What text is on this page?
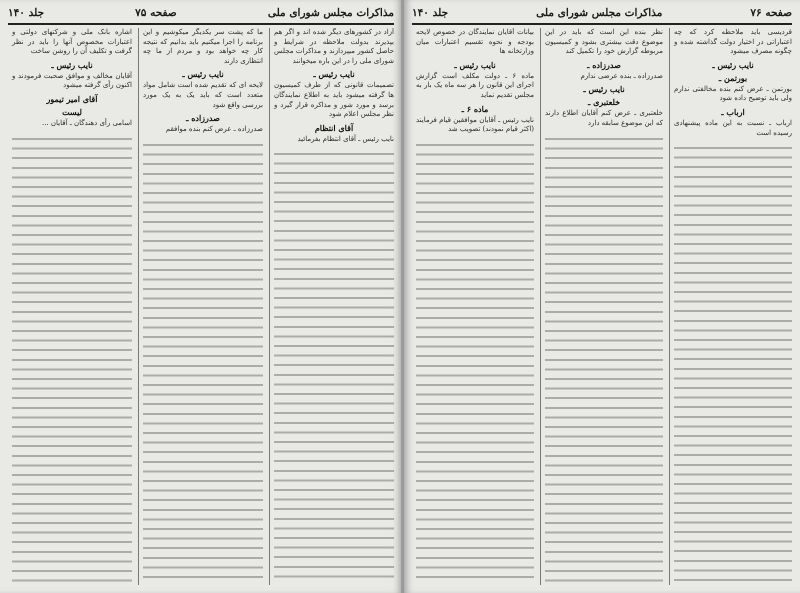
مذاکرات مجلس شورای ملی
صفحه ۷۵
جلد ۱۴۰

آزاد در کشورهای دیگر شده اند و اگر هم بپذیرند بدولت ملاحظه در شرایط و حاصل کشور میپردازند و مذاکرات مجلس شورای ملی را در این باره میخوانند

نایب رئیس ـ

تصمیمات قانونی که از طرف کمیسیون ها گرفته میشود باید به اطلاع نمایندگان برسد و مورد شور و مذاکره قرار گیرد و نظر مجلس اعلام شود

آقای انتظام

نایب رئیس ـ آقای انتظام بفرمائید

ما که پشت سر یکدیگر میکوشیم و این برنامه را اجرا میکنیم باید بدانیم که نتیجه کار چه خواهد بود و مردم از ما چه انتظاری دارند

نایب رئیس ـ

لایحه ای که تقدیم شده است شامل مواد متعدد است که باید یک به یک مورد بررسی واقع شود

صدرزاده ـ

صدرزاده ـ عرض کنم بنده موافقم

اشاره بانک ملی و شرکتهای دولتی و اعتبارات مخصوص آنها را باید در نظر گرفت و تکلیف آن را روشن ساخت

نایب رئیس ـ

آقایان مخالف و موافق صحبت فرمودند و اکنون رأی گرفته میشود

آقای امیر تیمور
لیست

اسامی رأی دهندگان ـ آقایان ...

صفحه ۷۶
مذاکرات مجلس شورای ملی
جلد ۱۴۰

قردیسی باید ملاحظه کرد که چه اعتباراتی در اختیار دولت گذاشته شده و چگونه مصرف میشود

نایب رئیس ـ
بورتمن ـ

بورتمن ـ عرض کنم بنده مخالفتی ندارم ولی باید توضیح داده شود

ارباب ـ

ارباب ـ نسبت به این ماده پیشنهادی رسیده است

نظر بنده این است که باید در این موضوع دقت بیشتری بشود و کمیسیون مربوطه گزارش خود را تکمیل کند

صدرزاده ـ

صدرزاده ـ بنده عرضی ندارم

نایب رئیس ـ
خلعتبری ـ

خلعتبری ـ عرض کنم آقایان اطلاع دارند که این موضوع سابقه دارد

بیانات آقایان نمایندگان در خصوص لایحه بودجه و نحوه تقسیم اعتبارات میان وزارتخانه ها

نایب رئیس ـ

ماده ۶ ـ دولت مکلف است گزارش اجرای این قانون را هر سه ماه یک بار به مجلس تقدیم نماید

ماده ۶ ـ

نایب رئیس ـ آقایان موافقین قیام فرمایند (اکثر قیام نمودند) تصویب شد
